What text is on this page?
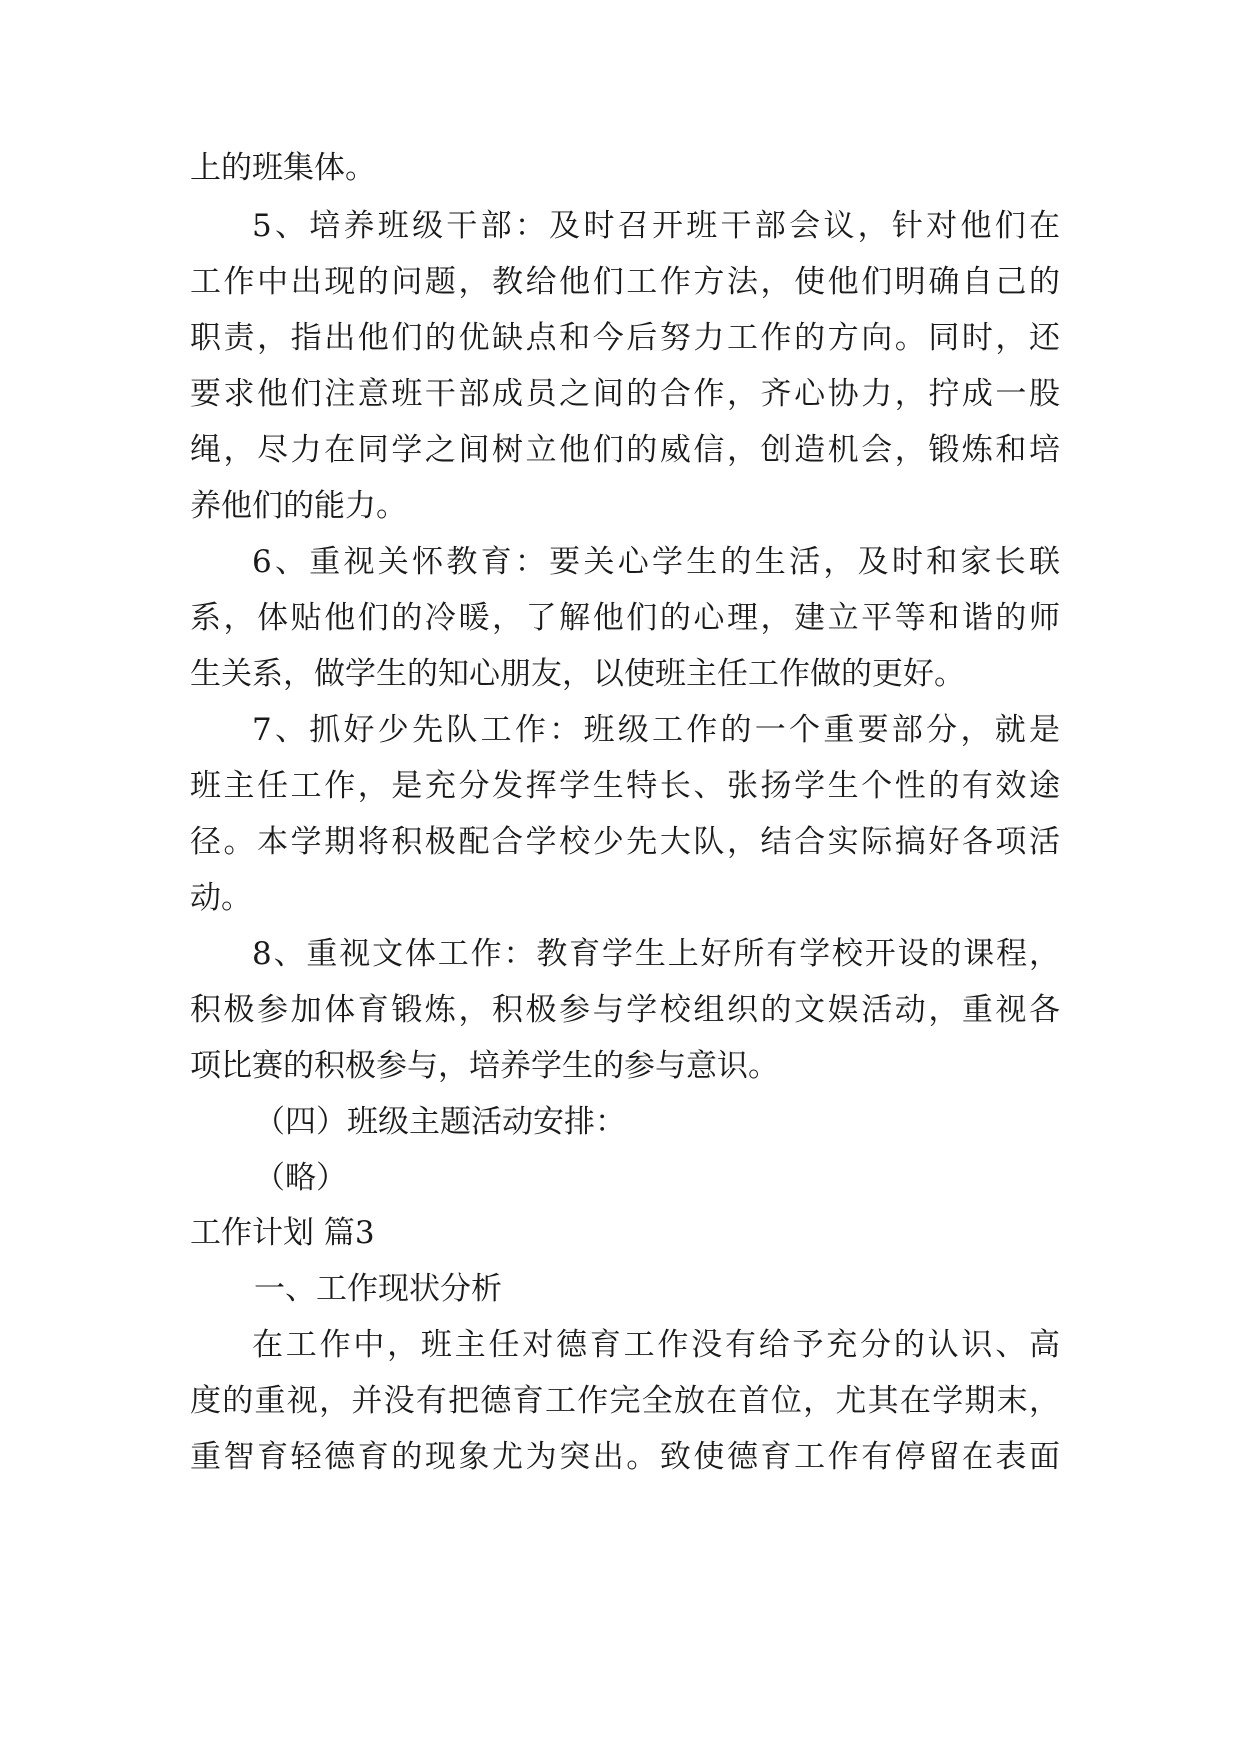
上的班集体。
5、培养班级干部：及时召开班干部会议，针对他们在
工作中出现的问题，教给他们工作方法，使他们明确自己的
职责，指出他们的优缺点和今后努力工作的方向。同时，还
要求他们注意班干部成员之间的合作，齐心协力，拧成一股
绳，尽力在同学之间树立他们的威信，创造机会，锻炼和培
养他们的能力。
6、重视关怀教育：要关心学生的生活，及时和家长联
系，体贴他们的冷暖，了解他们的心理，建立平等和谐的师
生关系，做学生的知心朋友，以使班主任工作做的更好。
7、抓好少先队工作：班级工作的一个重要部分，就是
班主任工作，是充分发挥学生特长、张扬学生个性的有效途
径。本学期将积极配合学校少先大队，结合实际搞好各项活
动。
8、重视文体工作：教育学生上好所有学校开设的课程，
积极参加体育锻炼，积极参与学校组织的文娱活动，重视各
项比赛的积极参与，培养学生的参与意识。
（四）班级主题活动安排：
（略）
工作计划 篇3
一、工作现状分析
在工作中，班主任对德育工作没有给予充分的认识、高
度的重视，并没有把德育工作完全放在首位，尤其在学期末，
重智育轻德育的现象尤为突出。致使德育工作有停留在表面
